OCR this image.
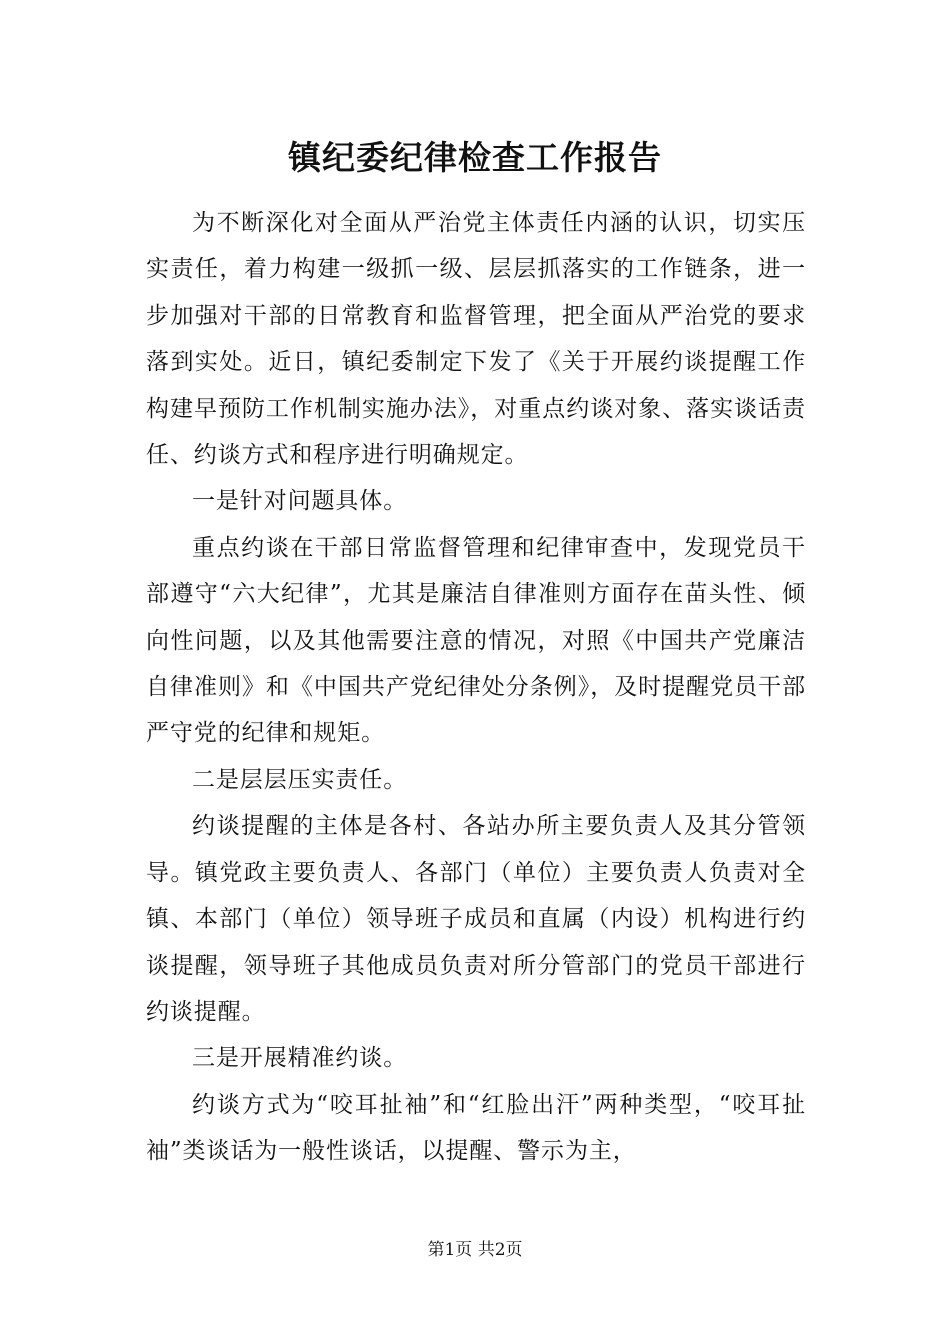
镇纪委纪律检查工作报告

为不断深化对全面从严治党主体责任内涵的认识，切实压实责任，着力构建一级抓一级、层层抓落实的工作链条，进一步加强对干部的日常教育和监督管理，把全面从严治党的要求落到实处。近日，镇纪委制定下发了《关于开展约谈提醒工作构建早预防工作机制实施办法》，对重点约谈对象、落实谈话责任、约谈方式和程序进行明确规定。

一是针对问题具体。

重点约谈在干部日常监督管理和纪律审查中，发现党员干部遵守“六大纪律”，尤其是廉洁自律准则方面存在苗头性、倾向性问题，以及其他需要注意的情况，对照《中国共产党廉洁自律准则》和《中国共产党纪律处分条例》，及时提醒党员干部严守党的纪律和规矩。

二是层层压实责任。

约谈提醒的主体是各村、各站办所主要负责人及其分管领导。镇党政主要负责人、各部门（单位）主要负责人负责对全镇、本部门（单位）领导班子成员和直属（内设）机构进行约谈提醒，领导班子其他成员负责对所分管部门的党员干部进行约谈提醒。

三是开展精准约谈。

约谈方式为“咬耳扯袖”和“红脸出汗”两种类型，“咬耳扯袖”类谈话为一般性谈话，以提醒、警示为主，

第1页 共2页
